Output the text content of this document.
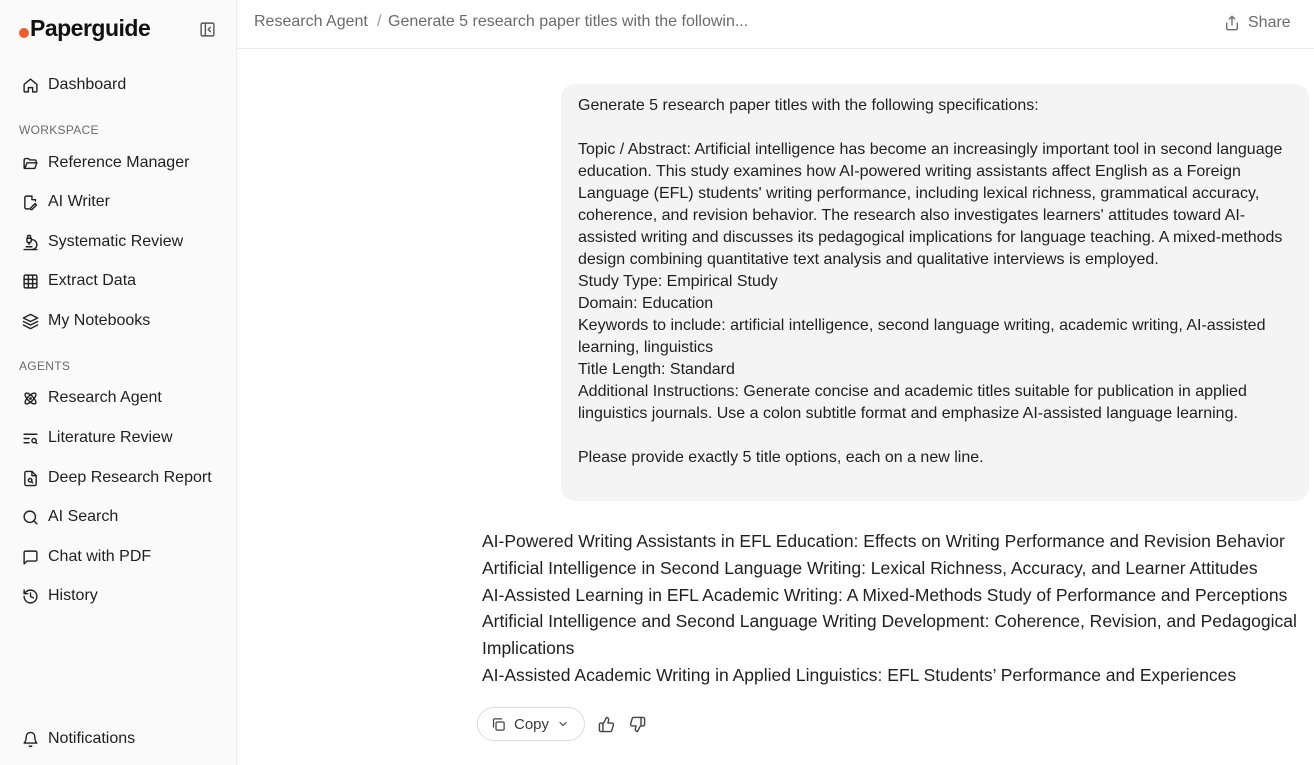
Paperguide
Dashboard
WORKSPACE
Reference Manager
AI Writer
Systematic Review
Extract Data
My Notebooks
AGENTS
Research Agent
Literature Review
Deep Research Report
AI Search
Chat with PDF
History
Notifications
Research Agent / Generate 5 research paper titles with the followin...	Share
Generate 5 research paper titles with the following specifications:

Topic / Abstract: Artificial intelligence has become an increasingly important tool in second language education. This study examines how AI-powered writing assistants affect English as a Foreign Language (EFL) students' writing performance, including lexical richness, grammatical accuracy, coherence, and revision behavior. The research also investigates learners' attitudes toward AI-assisted writing and discusses its pedagogical implications for language teaching. A mixed-methods design combining quantitative text analysis and qualitative interviews is employed.
Study Type: Empirical Study
Domain: Education
Keywords to include: artificial intelligence, second language writing, academic writing, AI-assisted learning, linguistics
Title Length: Standard
Additional Instructions: Generate concise and academic titles suitable for publication in applied linguistics journals. Use a colon subtitle format and emphasize AI-assisted language learning.

Please provide exactly 5 title options, each on a new line.
AI-Powered Writing Assistants in EFL Education: Effects on Writing Performance and Revision Behavior
Artificial Intelligence in Second Language Writing: Lexical Richness, Accuracy, and Learner Attitudes
AI-Assisted Learning in EFL Academic Writing: A Mixed-Methods Study of Performance and Perceptions
Artificial Intelligence and Second Language Writing Development: Coherence, Revision, and Pedagogical Implications
AI-Assisted Academic Writing in Applied Linguistics: EFL Students’ Performance and Experiences
Copy
